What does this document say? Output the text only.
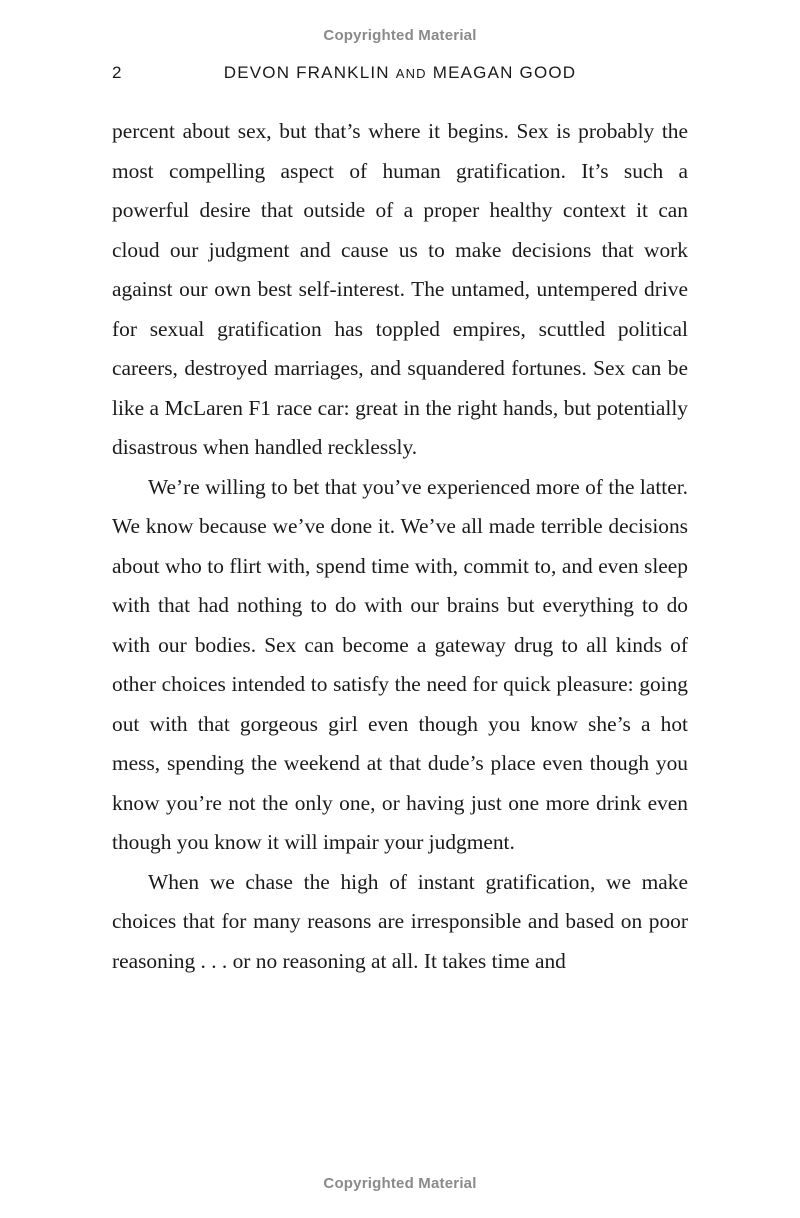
Copyrighted Material
2	DEVON FRANKLIN AND MEAGAN GOOD

percent about sex, but that’s where it begins. Sex is probably the most compelling aspect of human gratification. It’s such a powerful desire that outside of a proper healthy context it can cloud our judgment and cause us to make decisions that work against our own best self-interest. The untamed, untempered drive for sexual gratification has toppled empires, scuttled political careers, destroyed marriages, and squandered fortunes. Sex can be like a McLaren F1 race car: great in the right hands, but potentially disastrous when handled recklessly.

We’re willing to bet that you’ve experienced more of the latter. We know because we’ve done it. We’ve all made terrible decisions about who to flirt with, spend time with, commit to, and even sleep with that had nothing to do with our brains but everything to do with our bodies. Sex can become a gateway drug to all kinds of other choices intended to satisfy the need for quick pleasure: going out with that gorgeous girl even though you know she’s a hot mess, spending the weekend at that dude’s place even though you know you’re not the only one, or having just one more drink even though you know it will impair your judgment.

When we chase the high of instant gratification, we make choices that for many reasons are irresponsible and based on poor reasoning . . . or no reasoning at all. It takes time and

Copyrighted Material
